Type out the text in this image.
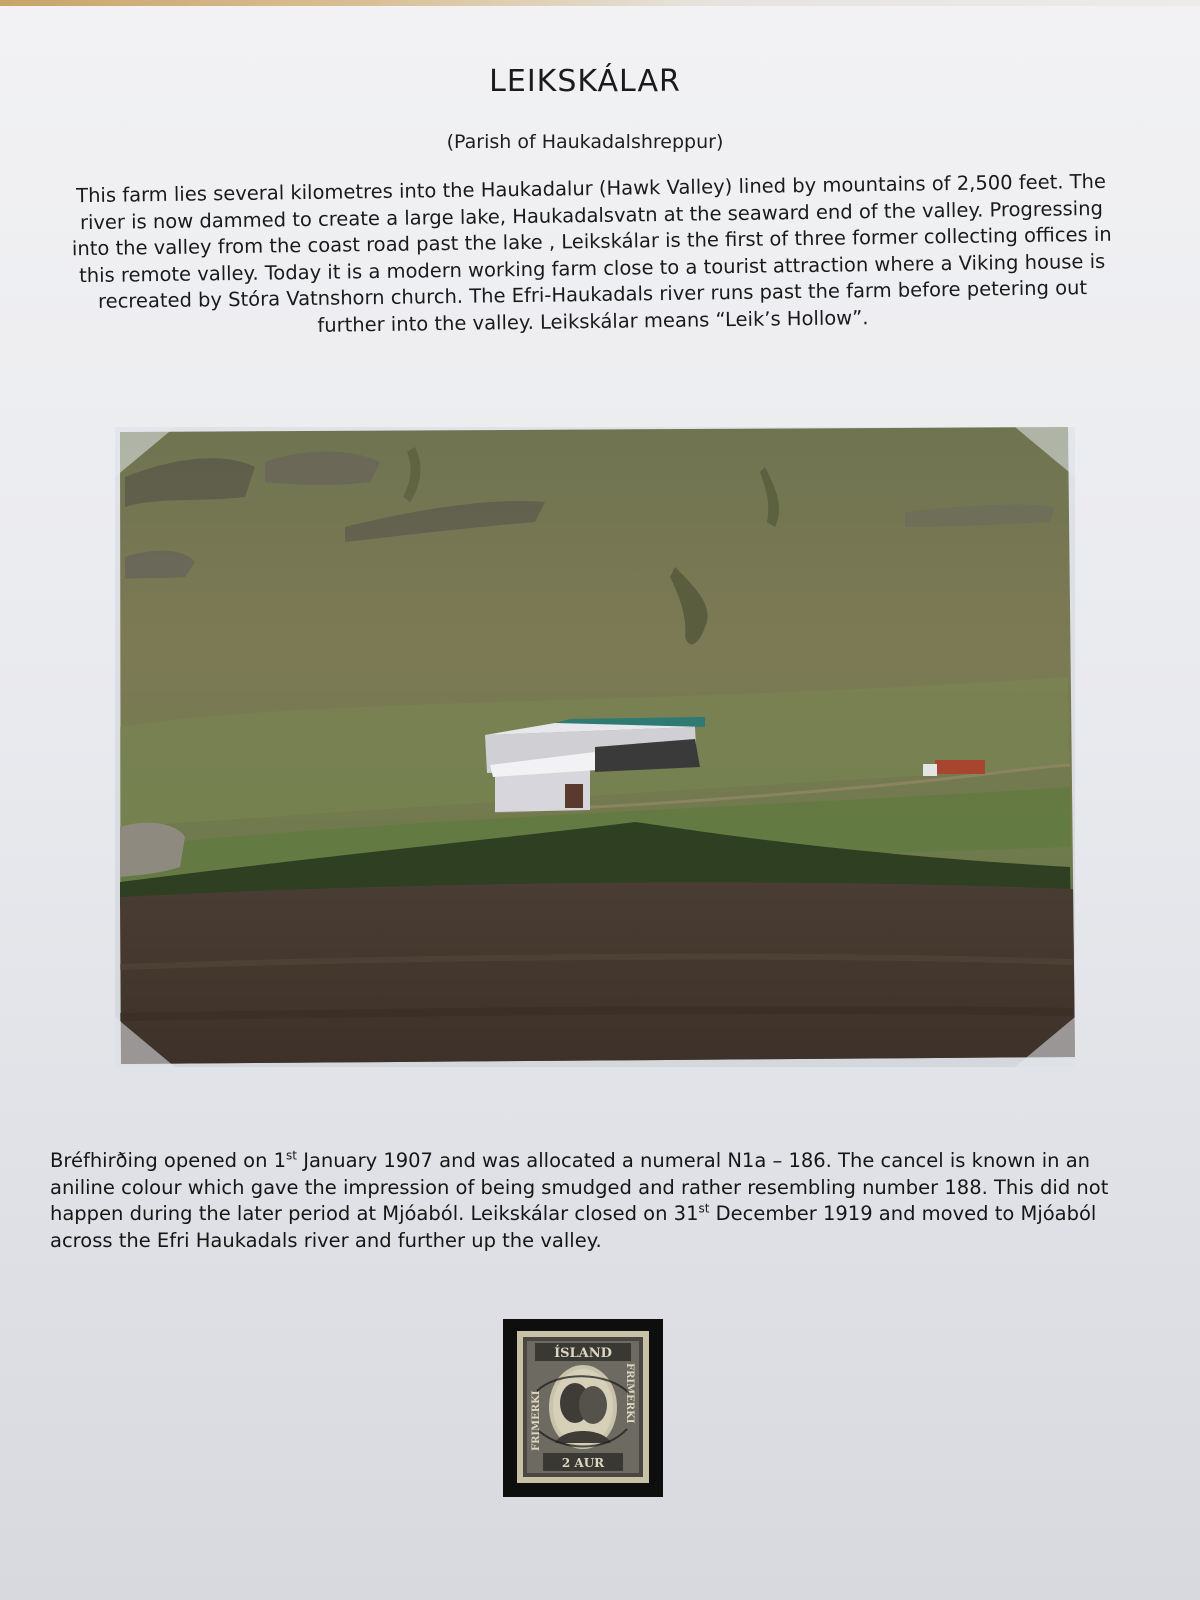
LEIKSKÁLAR
(Parish of Haukadalshreppur)
This farm lies several kilometres into the Haukadalur (Hawk Valley) lined by mountains of 2,500 feet. The river is now dammed to create a large lake, Haukadalsvatn at the seaward end of the valley. Progressing into the valley from the coast road past the lake , Leikskálar is the first of three former collecting offices in this remote valley. Today it is a modern working farm close to a tourist attraction where a Viking house is recreated by Stóra Vatnshorn church. The Efri-Haukadals river runs past the farm before petering out further into the valley. Leikskálar means “Leik’s Hollow”.
Bréfhirðing opened on 1st January 1907 and was allocated a numeral N1a – 186. The cancel is known in an aniline colour which gave the impression of being smudged and rather resembling number 188. This did not happen during the later period at Mjóaból. Leikskálar closed on 31st December 1919 and moved to Mjóaból across the Efri Haukadals river and further up the valley.
ÍSLAND
FRIMERKI	FRIMERKI
2 AUR
